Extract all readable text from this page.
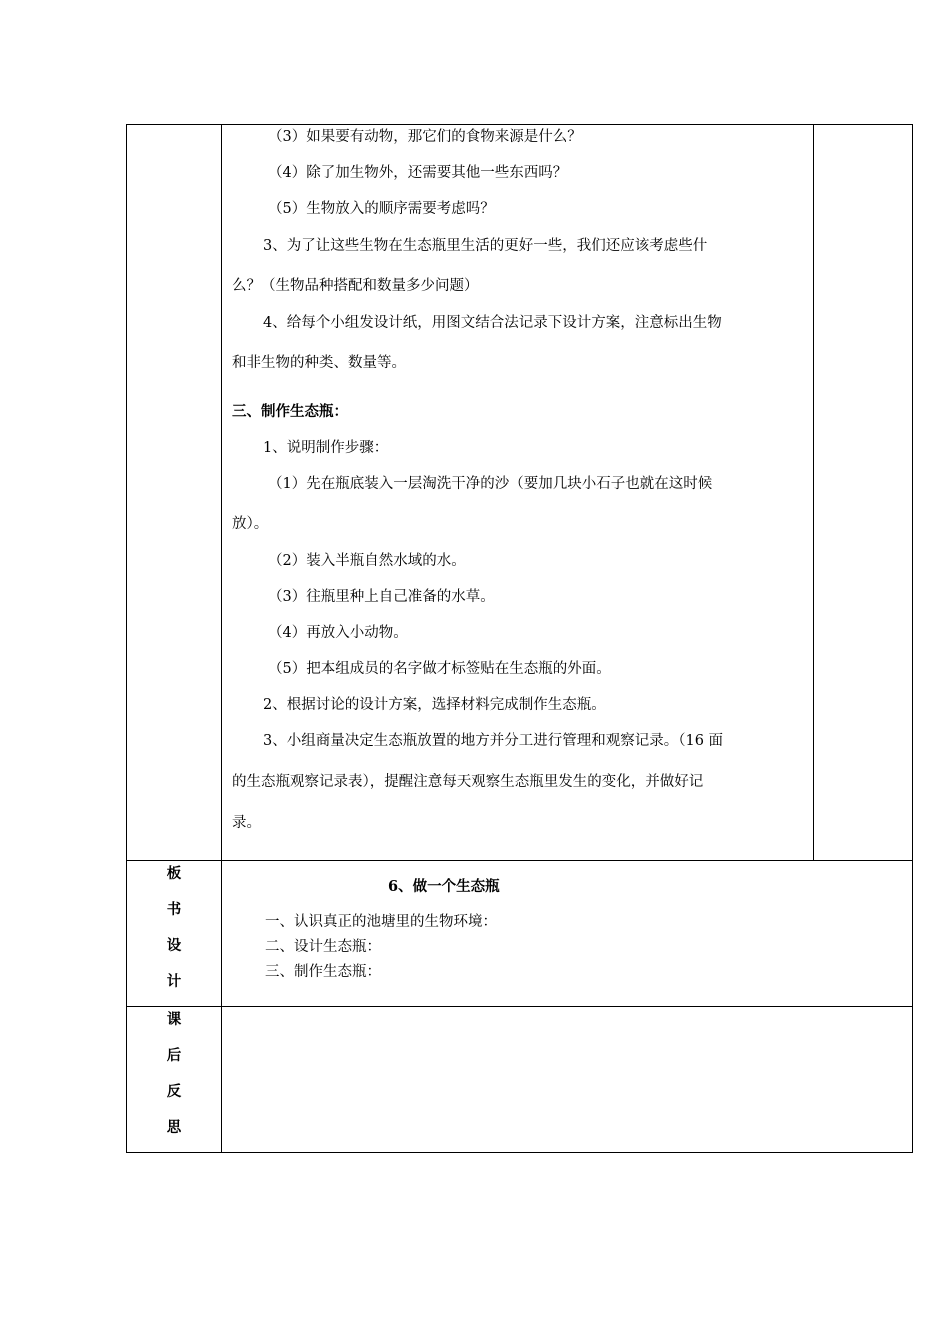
（3）如果要有动物，那它们的食物来源是什么？
（4）除了加生物外，还需要其他一些东西吗？
（5）生物放入的顺序需要考虑吗？
3、为了让这些生物在生态瓶里生活的更好一些，我们还应该考虑些什
么？（生物品种搭配和数量多少问题）
4、给每个小组发设计纸，用图文结合法记录下设计方案，注意标出生物
和非生物的种类、数量等。
三、制作生态瓶：
1、说明制作步骤：
（1）先在瓶底装入一层淘洗干净的沙（要加几块小石子也就在这时候
放）。
（2）装入半瓶自然水域的水。
（3）往瓶里种上自己准备的水草。
（4）再放入小动物。
（5）把本组成员的名字做才标签贴在生态瓶的外面。
2、根据讨论的设计方案，选择材料完成制作生态瓶。
3、小组商量决定生态瓶放置的地方并分工进行管理和观察记录。（16 面
的生态瓶观察记录表），提醒注意每天观察生态瓶里发生的变化，并做好记
录。
板
书
设
计
6、做一个生态瓶
一、认识真正的池塘里的生物环境：
二、设计生态瓶：
三、制作生态瓶：
课
后
反
思
